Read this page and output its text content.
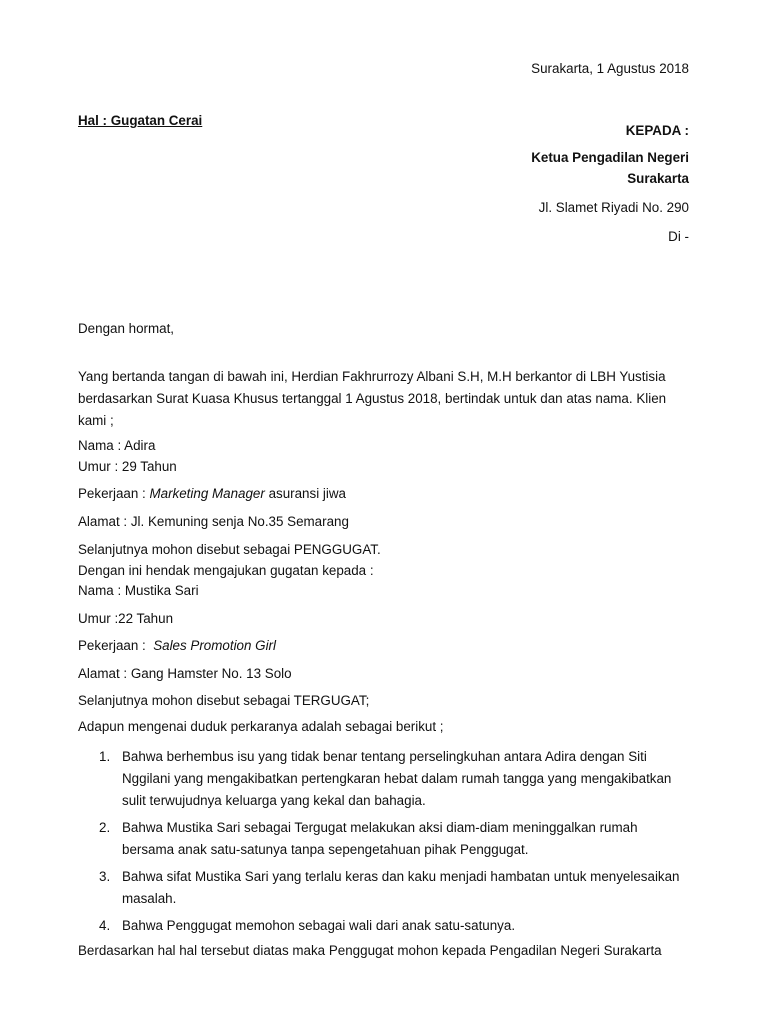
Surakarta, 1 Agustus 2018
Hal : Gugatan Cerai
KEPADA :
Ketua Pengadilan Negeri
Surakarta
Jl. Slamet Riyadi No. 290
Di -
Dengan hormat,
Yang bertanda tangan di bawah ini, Herdian Fakhrurrozy Albani S.H, M.H berkantor di LBH Yustisia berdasarkan Surat Kuasa Khusus tertanggal 1 Agustus 2018, bertindak untuk dan atas nama. Klien kami ;
Nama : Adira
Umur : 29 Tahun
Pekerjaan : Marketing Manager asuransi jiwa
Alamat : Jl. Kemuning senja No.35 Semarang
Selanjutnya mohon disebut sebagai PENGGUGAT.
Dengan ini hendak mengajukan gugatan kepada :
Nama : Mustika Sari
Umur :22 Tahun
Pekerjaan :  Sales Promotion Girl
Alamat : Gang Hamster No. 13 Solo
Selanjutnya mohon disebut sebagai TERGUGAT;
Adapun mengenai duduk perkaranya adalah sebagai berikut ;
1. Bahwa berhembus isu yang tidak benar tentang perselingkuhan antara Adira dengan Siti Nggilani yang mengakibatkan pertengkaran hebat dalam rumah tangga yang mengakibatkan sulit terwujudnya keluarga yang kekal dan bahagia.
2. Bahwa Mustika Sari sebagai Tergugat melakukan aksi diam-diam meninggalkan rumah bersama anak satu-satunya tanpa sepengetahuan pihak Penggugat.
3. Bahwa sifat Mustika Sari yang terlalu keras dan kaku menjadi hambatan untuk menyelesaikan masalah.
4. Bahwa Penggugat memohon sebagai wali dari anak satu-satunya.
Berdasarkan hal hal tersebut diatas maka Penggugat mohon kepada Pengadilan Negeri Surakarta
